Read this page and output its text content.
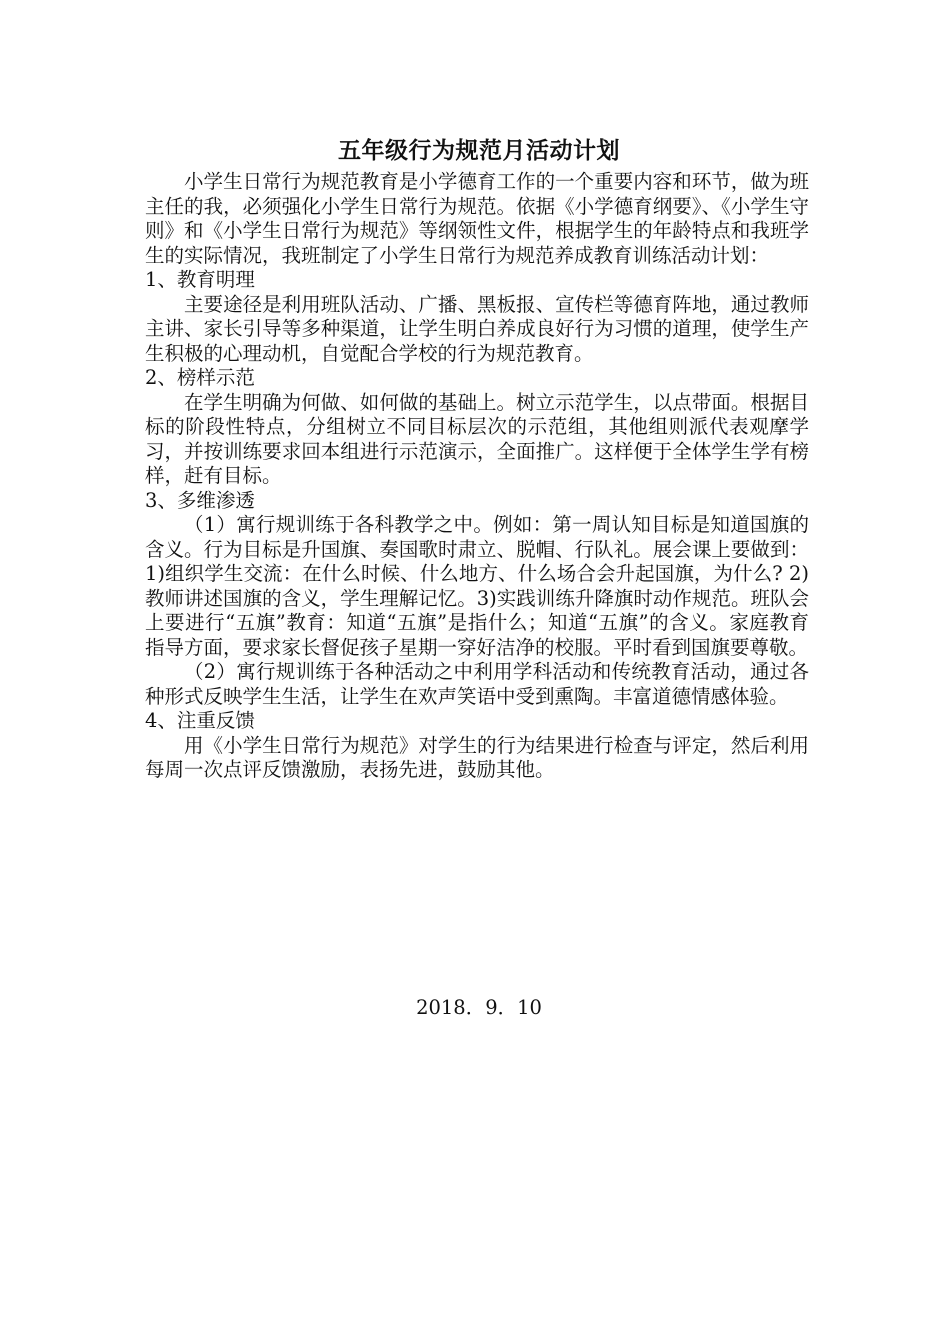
五年级行为规范月活动计划

小学生日常行为规范教育是小学德育工作的一个重要内容和环节，做为班主任的我，必须强化小学生日常行为规范。依据《小学德育纲要》、《小学生守则》和《小学生日常行为规范》等纲领性文件，根据学生的年龄特点和我班学生的实际情况，我班制定了小学生日常行为规范养成教育训练活动计划：

1、教育明理

主要途径是利用班队活动、广播、黑板报、宣传栏等德育阵地，通过教师主讲、家长引导等多种渠道，让学生明白养成良好行为习惯的道理，使学生产生积极的心理动机，自觉配合学校的行为规范教育。

2、榜样示范

在学生明确为何做、如何做的基础上。树立示范学生，以点带面。根据目标的阶段性特点，分组树立不同目标层次的示范组，其他组则派代表观摩学习，并按训练要求回本组进行示范演示，全面推广。这样便于全体学生学有榜样，赶有目标。

3、多维渗透

（1）寓行规训练于各科教学之中。例如：第一周认知目标是知道国旗的含义。行为目标是升国旗、奏国歌时肃立、脱帽、行队礼。展会课上要做到：1)组织学生交流：在什么时候、什么地方、什么场合会升起国旗，为什么? 2)教师讲述国旗的含义，学生理解记忆。3)实践训练升降旗时动作规范。班队会上要进行“五旗”教育：知道“五旗”是指什么；知道“五旗”的含义。家庭教育指导方面，要求家长督促孩子星期一穿好洁净的校服。平时看到国旗要尊敬。

（2）寓行规训练于各种活动之中利用学科活动和传统教育活动，通过各种形式反映学生生活，让学生在欢声笑语中受到熏陶。丰富道德情感体验。

4、注重反馈

用《小学生日常行为规范》对学生的行为结果进行检查与评定，然后利用每周一次点评反馈激励，表扬先进，鼓励其他。

2018．9．10
